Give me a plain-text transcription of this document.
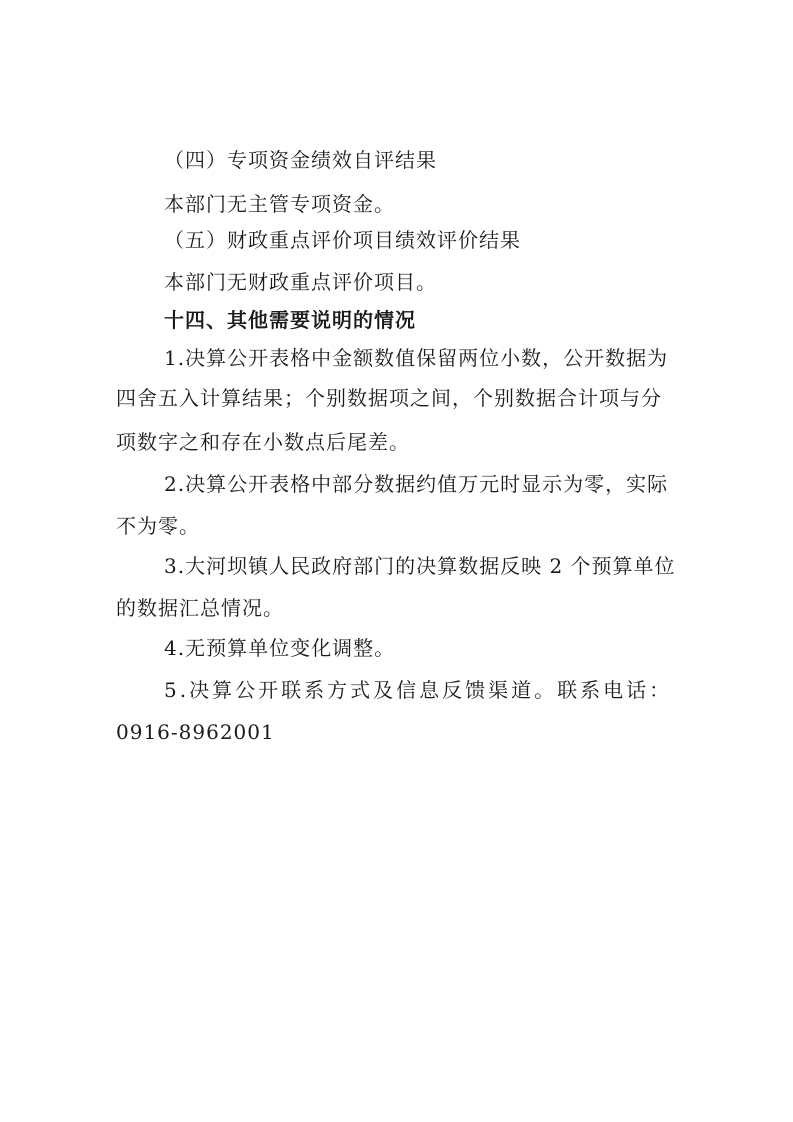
（四）专项资金绩效自评结果
本部门无主管专项资金。
（五）财政重点评价项目绩效评价结果
本部门无财政重点评价项目。
十四、其他需要说明的情况
1.决算公开表格中金额数值保留两位小数，公开数据为
四舍五入计算结果；个别数据项之间，个别数据合计项与分
项数字之和存在小数点后尾差。
2.决算公开表格中部分数据约值万元时显示为零，实际
不为零。
3.大河坝镇人民政府部门的决算数据反映 2 个预算单位
的数据汇总情况。
4.无预算单位变化调整。
5.决算公开联系方式及信息反馈渠道。联系电话：
0916-8962001
